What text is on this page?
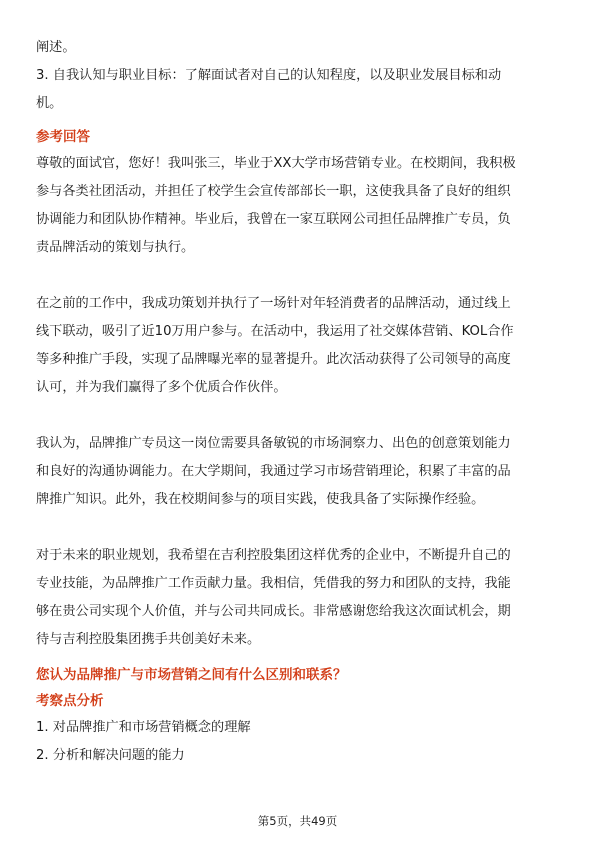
阐述。

3. 自我认知与职业目标：了解面试者对自己的认知程度，以及职业发展目标和动

机。

参考回答

尊敬的面试官，您好！我叫张三，毕业于XX大学市场营销专业。在校期间，我积极

参与各类社团活动，并担任了校学生会宣传部部长一职，这使我具备了良好的组织

协调能力和团队协作精神。毕业后，我曾在一家互联网公司担任品牌推广专员，负

责品牌活动的策划与执行。

在之前的工作中，我成功策划并执行了一场针对年轻消费者的品牌活动，通过线上

线下联动，吸引了近10万用户参与。在活动中，我运用了社交媒体营销、KOL合作

等多种推广手段，实现了品牌曝光率的显著提升。此次活动获得了公司领导的高度

认可，并为我们赢得了多个优质合作伙伴。

我认为，品牌推广专员这一岗位需要具备敏锐的市场洞察力、出色的创意策划能力

和良好的沟通协调能力。在大学期间，我通过学习市场营销理论，积累了丰富的品

牌推广知识。此外，我在校期间参与的项目实践，使我具备了实际操作经验。

对于未来的职业规划，我希望在吉利控股集团这样优秀的企业中，不断提升自己的

专业技能，为品牌推广工作贡献力量。我相信，凭借我的努力和团队的支持，我能

够在贵公司实现个人价值，并与公司共同成长。非常感谢您给我这次面试机会，期

待与吉利控股集团携手共创美好未来。

您认为品牌推广与市场营销之间有什么区别和联系？
考察点分析

1. 对品牌推广和市场营销概念的理解

2. 分析和解决问题的能力

第5页，共49页
